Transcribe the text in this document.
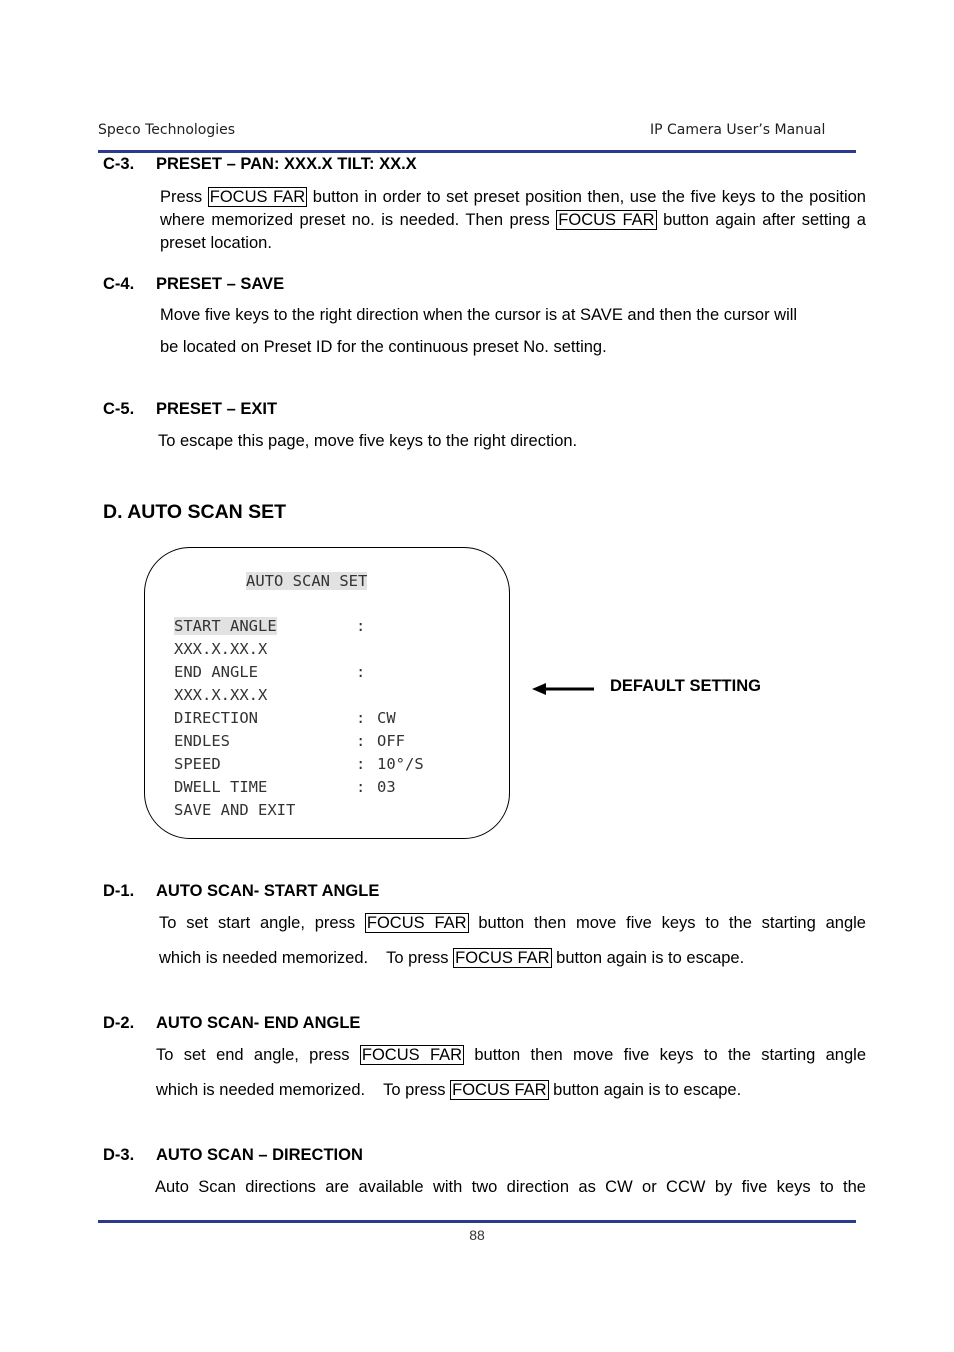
Speco Technologies	IP Camera User’s Manual
C-3. PRESET – PAN: XXX.X TILT: XX.X
Press FOCUS FAR button in order to set preset position then, use the five keys to the position where memorized preset no. is needed. Then press FOCUS FAR button again after setting a preset location.
C-4. PRESET – SAVE
Move five keys to the right direction when the cursor is at SAVE and then the cursor will
be located on Preset ID for the continuous preset No. setting.
C-5. PRESET – EXIT
To escape this page, move five keys to the right direction.
D. AUTO SCAN SET
AUTO SCAN SET
START ANGLE	:
XXX.X.XX.X
END ANGLE	:
XXX.X.XX.X
DIRECTION	: CW
ENDLES	: OFF
SPEED	: 10°/S
DWELL TIME	: 03
SAVE AND EXIT
DEFAULT SETTING
D-1. AUTO SCAN- START ANGLE
To set start angle, press FOCUS FAR button then move five keys to the starting angle
which is needed memorized. To press FOCUS FAR button again is to escape.
D-2. AUTO SCAN- END ANGLE
To set end angle, press FOCUS FAR button then move five keys to the starting angle
which is needed memorized. To press FOCUS FAR button again is to escape.
D-3. AUTO SCAN – DIRECTION
Auto Scan directions are available with two direction as CW or CCW by five keys to the
88
